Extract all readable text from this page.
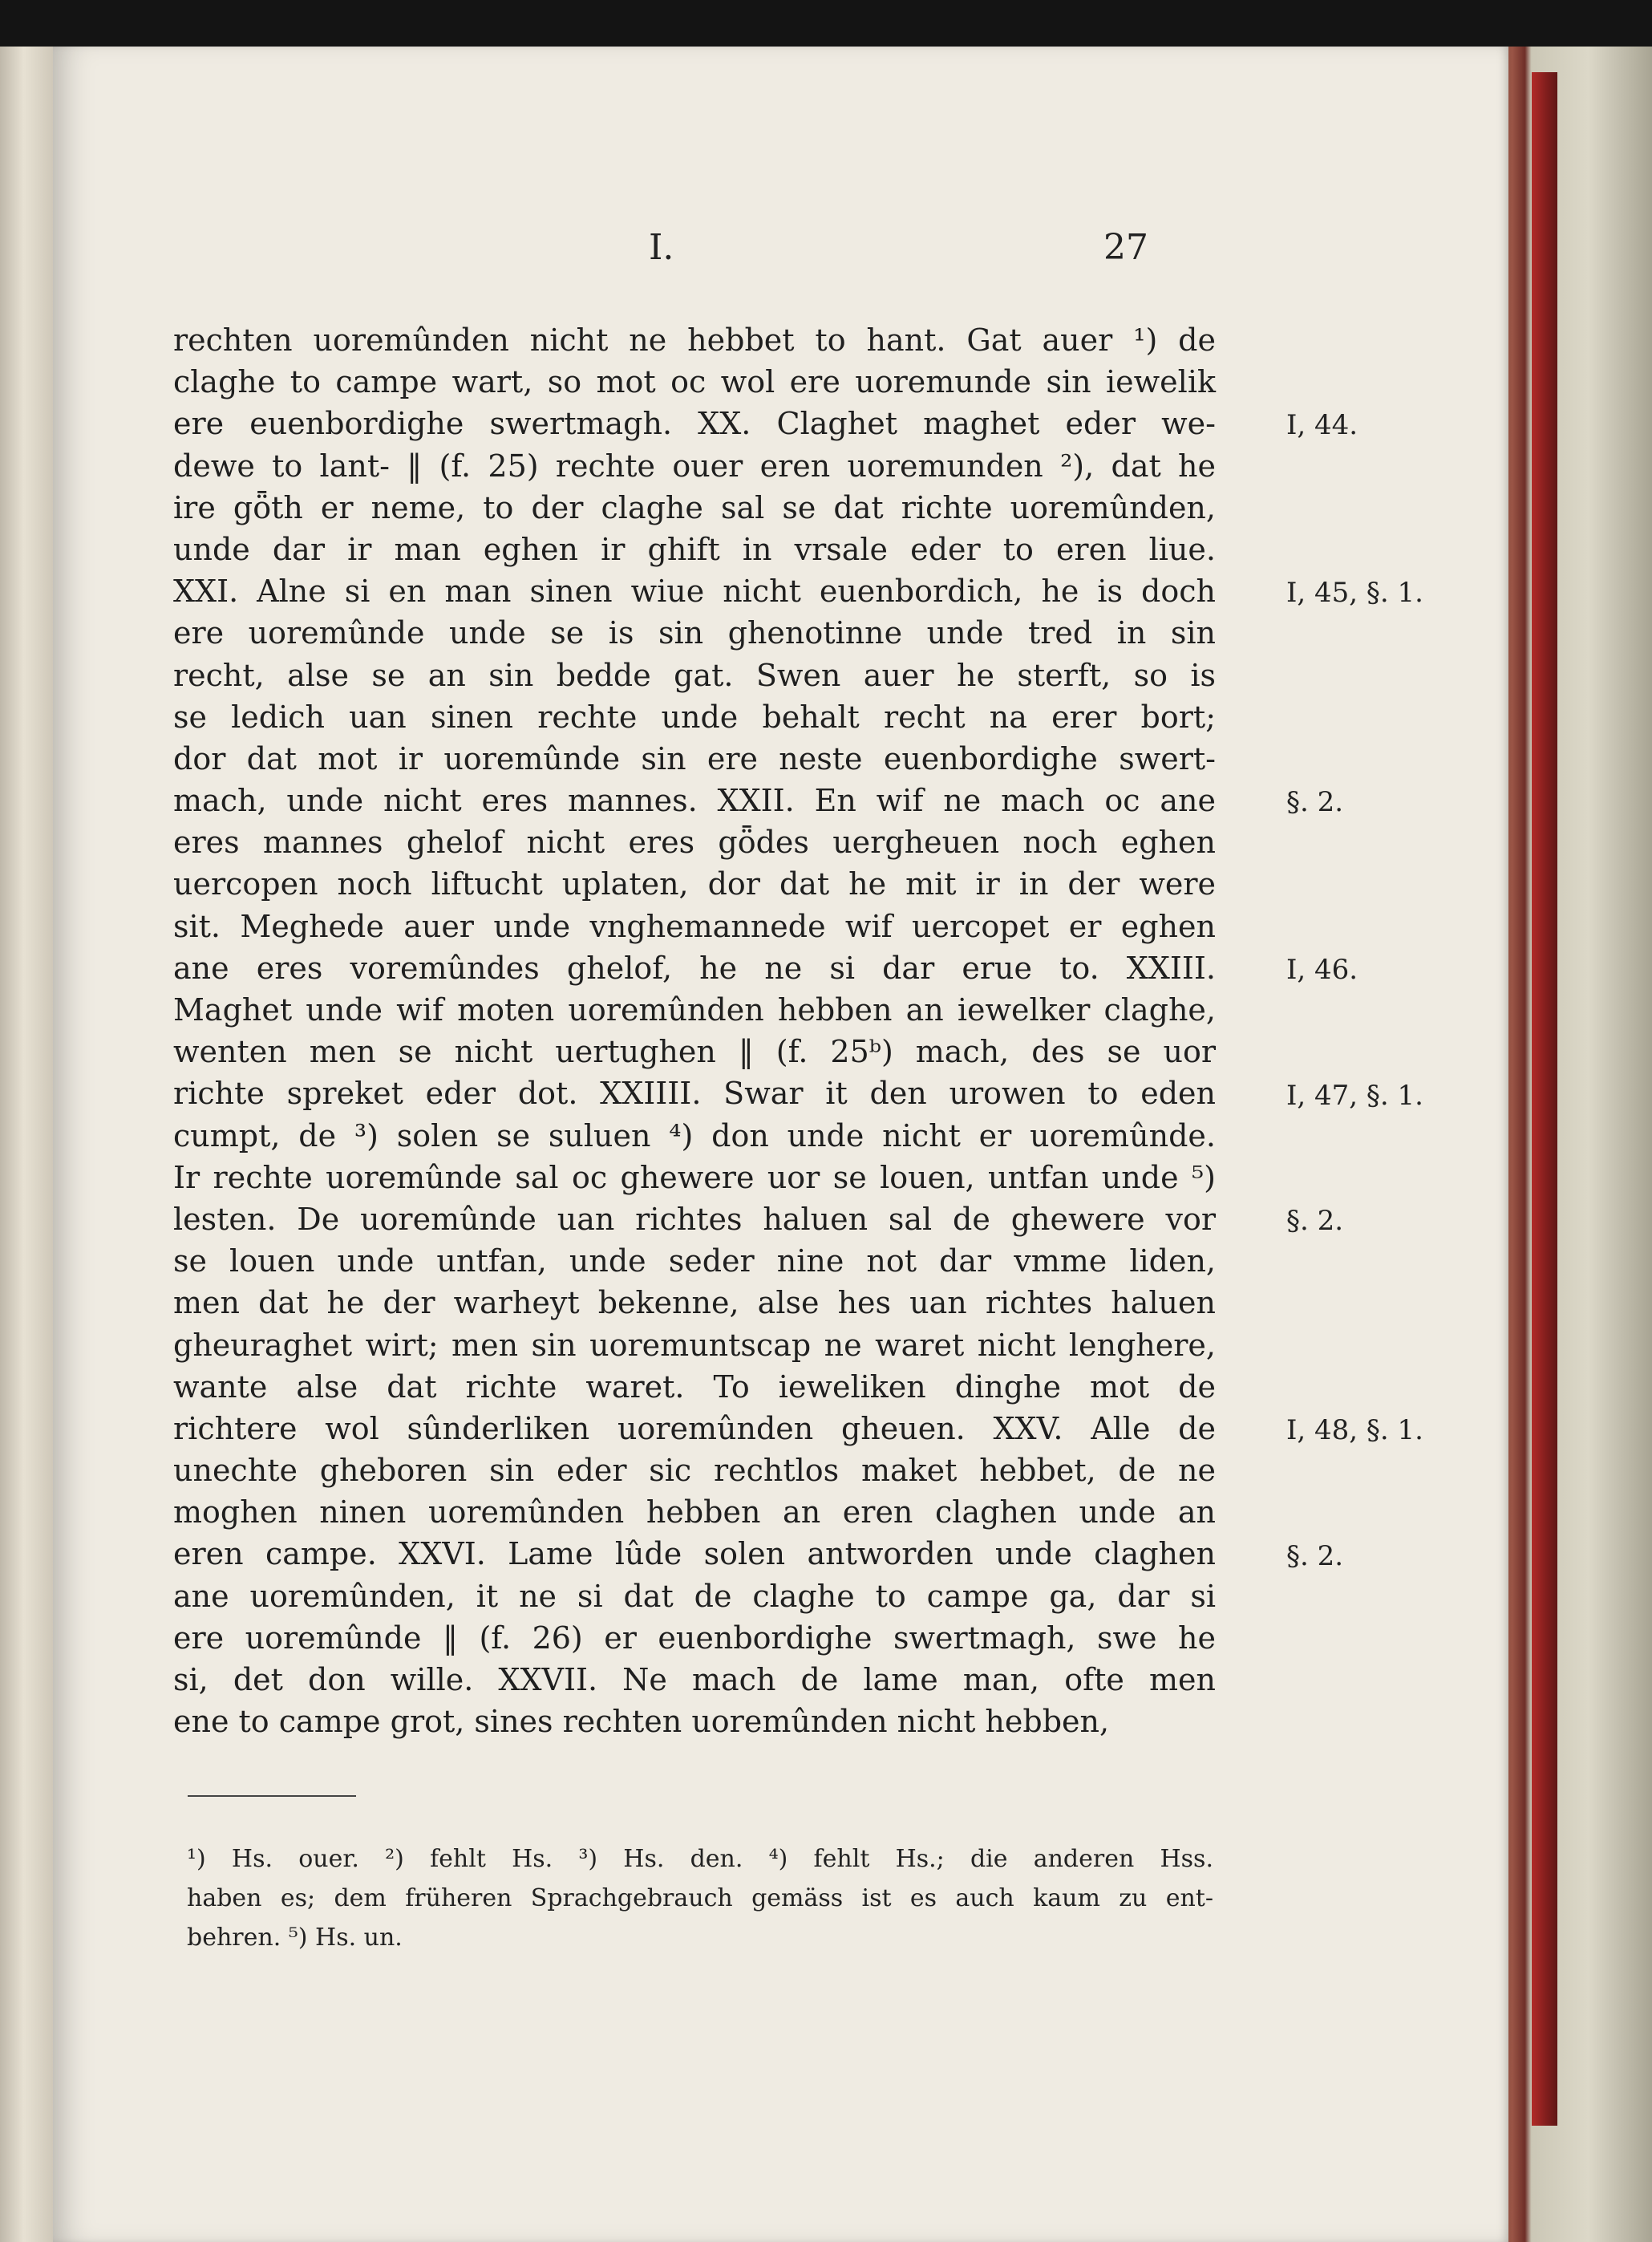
I.	27
rechten uoremûnden nicht ne hebbet to hant. Gat auer ¹) de
claghe to campe wart, so mot oc wol ere uoremunde sin iewelik
ere euenbordighe swertmagh. XX. Claghet maghet eder we-
dewe to lant- ‖ (f. 25) rechte ouer eren uoremunden ²), dat he
ire gȫth er neme, to der claghe sal se dat richte uoremûnden,
unde dar ir man eghen ir ghift in vrsale eder to eren liue.
XXI. Alne si en man sinen wiue nicht euenbordich, he is doch
ere uoremûnde unde se is sin ghenotinne unde tred in sin
recht, alse se an sin bedde gat. Swen auer he sterft, so is
se ledich uan sinen rechte unde behalt recht na erer bort;
dor dat mot ir uoremûnde sin ere neste euenbordighe swert-
mach, unde nicht eres mannes. XXII. En wif ne mach oc ane
eres mannes ghelof nicht eres gȫdes uergheuen noch eghen
uercopen noch liftucht uplaten, dor dat he mit ir in der were
sit. Meghede auer unde vnghemannede wif uercopet er eghen
ane eres voremûndes ghelof, he ne si dar erue to. XXIII.
Maghet unde wif moten uoremûnden hebben an iewelker claghe,
wenten men se nicht uertughen ‖ (f. 25ᵇ) mach, des se uor
richte spreket eder dot. XXIIII. Swar it den urowen to eden
cumpt, de ³) solen se suluen ⁴) don unde nicht er uoremûnde.
Ir rechte uoremûnde sal oc ghewere uor se louen, untfan unde ⁵)
lesten. De uoremûnde uan richtes haluen sal de ghewere vor
se louen unde untfan, unde seder nine not dar vmme liden,
men dat he der warheyt bekenne, alse hes uan richtes haluen
gheuraghet wirt; men sin uoremuntscap ne waret nicht lenghere,
wante alse dat richte waret. To ieweliken dinghe mot de
richtere wol sûnderliken uoremûnden gheuen. XXV. Alle de
unechte gheboren sin eder sic rechtlos maket hebbet, de ne
moghen ninen uoremûnden hebben an eren claghen unde an
eren campe. XXVI. Lame lûde solen antworden unde claghen
ane uoremûnden, it ne si dat de claghe to campe ga, dar si
ere uoremûnde ‖ (f. 26) er euenbordighe swertmagh, swe he
si, det don wille. XXVII. Ne mach de lame man, ofte men
ene to campe grot, sines rechten uoremûnden nicht hebben,
I, 44.
I, 45, §. 1.
§. 2.
I, 46.
I, 47, §. 1.
§. 2.
I, 48, §. 1.
§. 2.
¹) Hs. ouer. ²) fehlt Hs. ³) Hs. den. ⁴) fehlt Hs.; die anderen Hss.
haben es; dem früheren Sprachgebrauch gemäss ist es auch kaum zu ent-
behren. ⁵) Hs. un.
